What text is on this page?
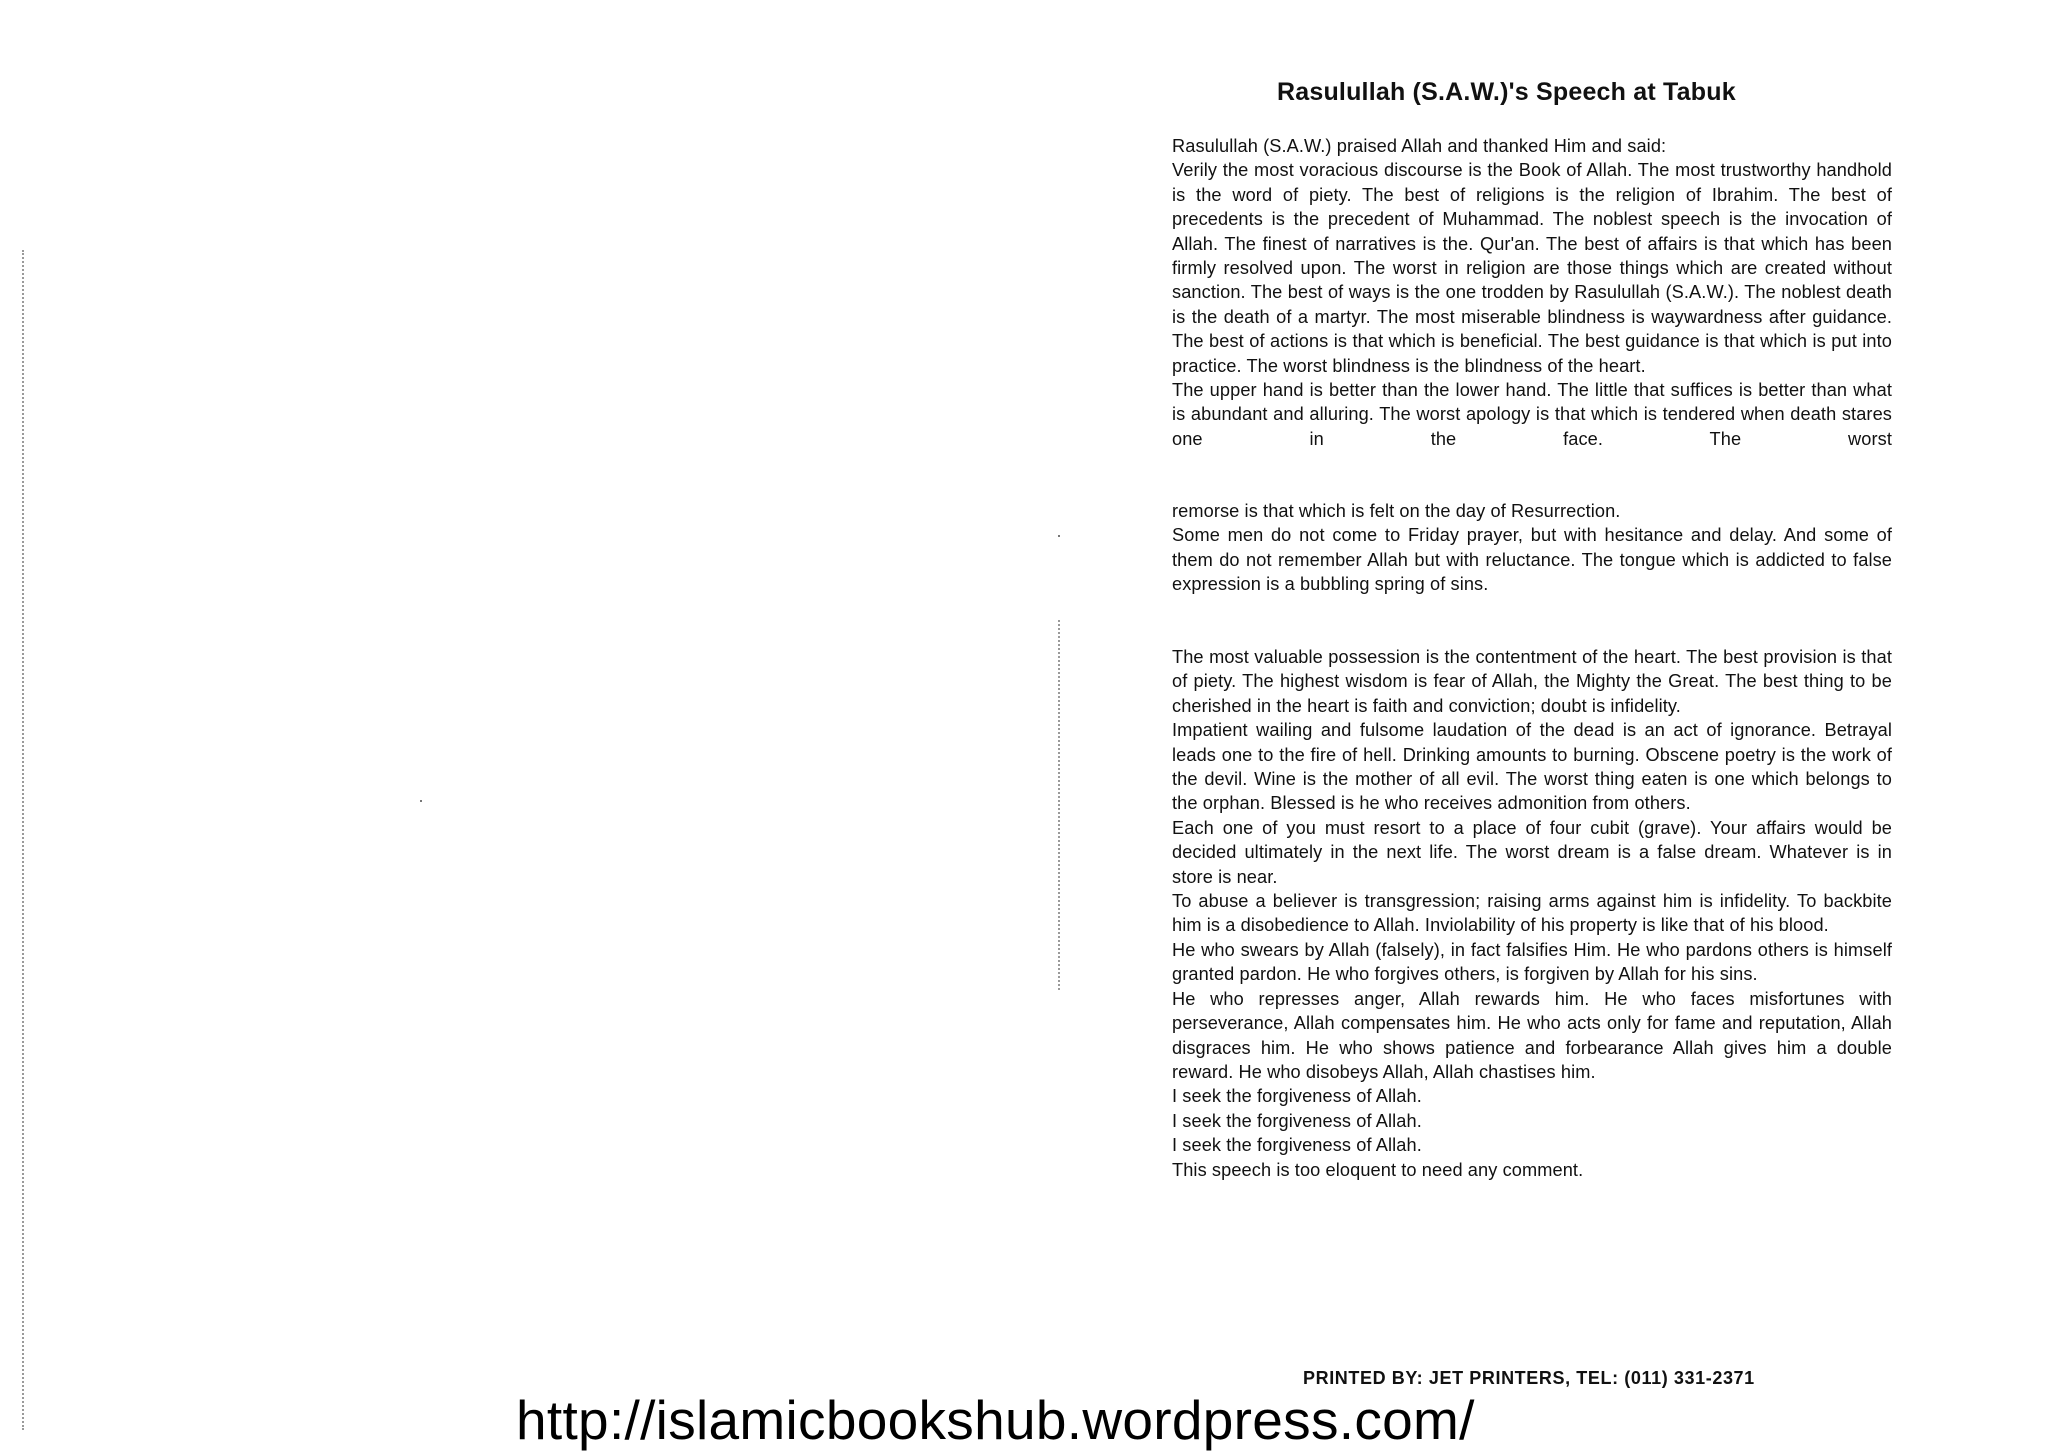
Rasulullah (S.A.W.)'s Speech at Tabuk

Rasulullah (S.A.W.) praised Allah and thanked Him and said:

Verily the most voracious discourse is the Book of Allah. The most trustworthy handhold is the word of piety. The best of religions is the religion of Ibrahim. The best of precedents is the precedent of Muhammad. The noblest speech is the invocation of Allah. The finest of narratives is the. Qur'an. The best of affairs is that which has been firmly resolved upon. The worst in religion are those things which are created without sanction. The best of ways is the one trodden by Rasulullah (S.A.W.). The noblest death is the death of a martyr. The most miserable blindness is waywardness after guidance. The best of actions is that which is beneficial. The best guidance is that which is put into practice. The worst blindness is the blindness of the heart.

The upper hand is better than the lower hand. The little that suffices is better than what is abundant and alluring. The worst apology is that which is tendered when death stares one in the face. The worst

remorse is that which is felt on the day of Resurrection.

Some men do not come to Friday prayer, but with hesitance and delay. And some of them do not remember Allah but with reluctance. The tongue which is addicted to false expression is a bubbling spring of sins.

The most valuable possession is the contentment of the heart. The best provision is that of piety. The highest wisdom is fear of Allah, the Mighty the Great. The best thing to be cherished in the heart is faith and conviction; doubt is infidelity.

Impatient wailing and fulsome laudation of the dead is an act of ignorance. Betrayal leads one to the fire of hell. Drinking amounts to burning. Obscene poetry is the work of the devil. Wine is the mother of all evil. The worst thing eaten is one which belongs to the orphan. Blessed is he who receives admonition from others.

Each one of you must resort to a place of four cubit (grave). Your affairs would be decided ultimately in the next life. The worst dream is a false dream. Whatever is in store is near.

To abuse a believer is transgression; raising arms against him is infidelity. To backbite him is a disobedience to Allah. Inviolability of his property is like that of his blood.

He who swears by Allah (falsely), in fact falsifies Him. He who pardons others is himself granted pardon. He who forgives others, is forgiven by Allah for his sins.

He who represses anger, Allah rewards him. He who faces misfortunes with perseverance, Allah compensates him. He who acts only for fame and reputation, Allah disgraces him. He who shows patience and forbearance Allah gives him a double reward. He who disobeys Allah, Allah chastises him.

I seek the forgiveness of Allah.

I seek the forgiveness of Allah.

I seek the forgiveness of Allah.

This speech is too eloquent to need any comment.

PRINTED BY: JET PRINTERS, TEL: (011) 331-2371
http://islamicbookshub.wordpress.com/
